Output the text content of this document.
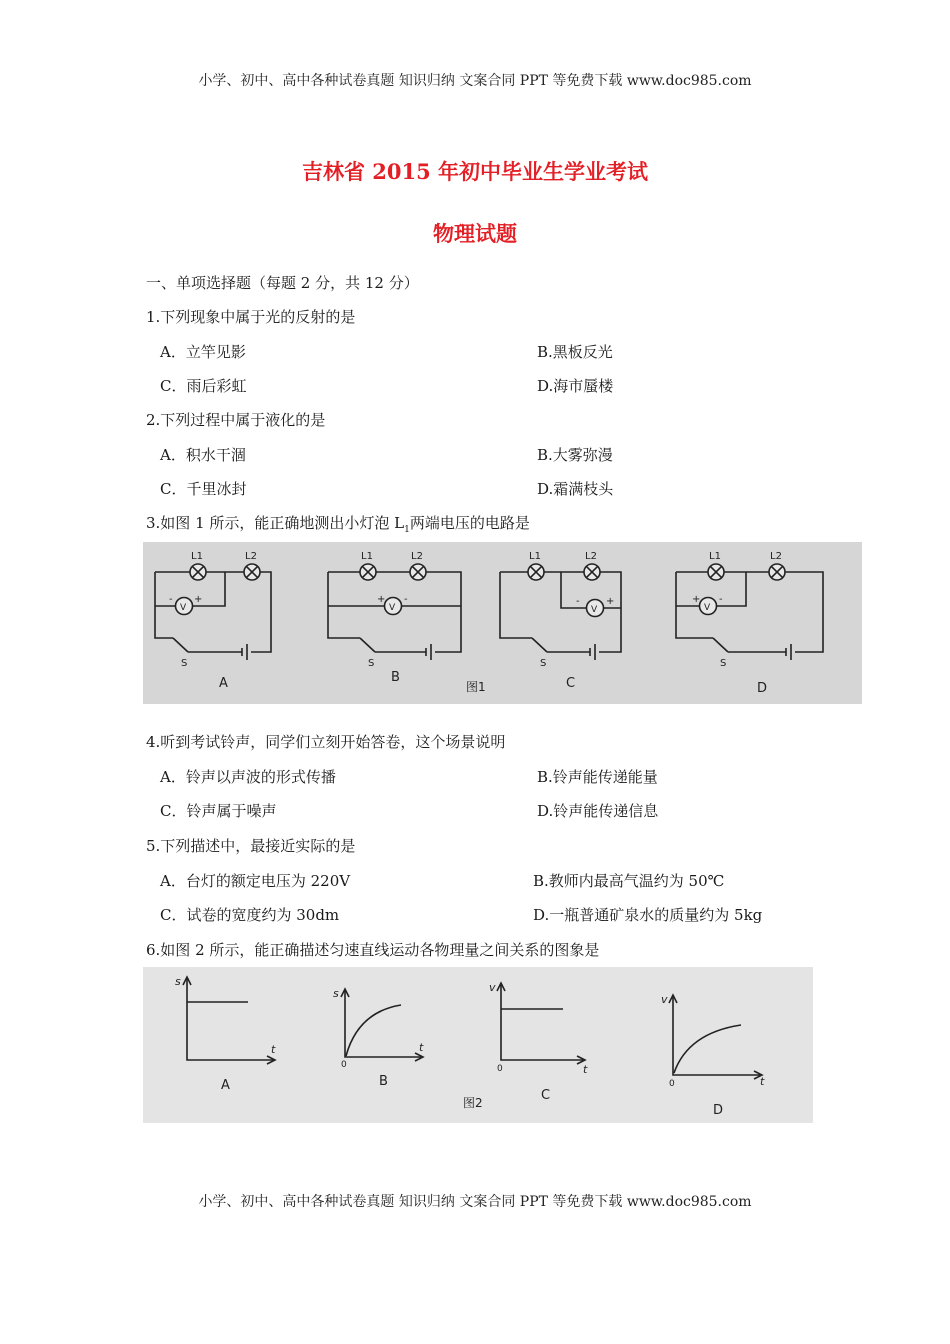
小学、初中、高中各种试卷真题 知识归纳 文案合同 PPT 等免费下载 www.doc985.com
吉林省 2015 年初中毕业生学业考试
物理试题
一、单项选择题（每题 2 分，共 12 分）
1.下列现象中属于光的反射的是
A．立竿见影	B.黑板反光
C．雨后彩虹	D.海市蜃楼
2.下列过程中属于液化的是
A．积水干涸	B.大雾弥漫
C．千里冰封	D.霜满枝头
3.如图 1 所示，能正确地测出小灯泡 $L_1$两端电压的电路是
L1	L2
V
- +
S
L1	L2
V
+ -
S
L1	L2
V
-	+
S
L1	L2
V
+ -
S
A	B	C	D
图1
4.听到考试铃声，同学们立刻开始答卷，这个场景说明
A．铃声以声波的形式传播	B.铃声能传递能量
C．铃声属于噪声	D.铃声能传递信息
5.下列描述中，最接近实际的是
A．台灯的额定电压为 220V	B.教师内最高气温约为 50℃
C．试卷的宽度约为 30dm	D.一瓶普通矿泉水的质量约为 5kg
6.如图 2 所示，能正确描述匀速直线运动各物理量之间关系的图象是
s
t
s
t
0
v
t
0
v
t
0
A	B
C
D
图2
小学、初中、高中各种试卷真题 知识归纳 文案合同 PPT 等免费下载 www.doc985.com
